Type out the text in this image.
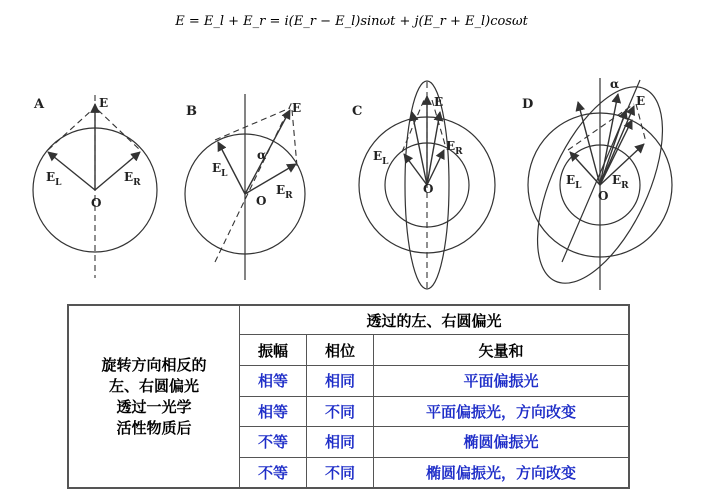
E = E_l + E_r = i(E_r − E_l)sinωt + j(E_r + E_l)cosωt
A	E
$E_L$	$E_R$
O
B
α
E
$E_L$
$E_R$
O
C
E
$E_L$
$E_R$
O
D
α
E
$E_L$	$E_R$
O
旋转方向相反的
左、右圆偏光
透过一光学
活性物质后	透过的左、右圆偏光		
	振幅	相位	矢量和
	相等	相同	平面偏振光
	相等	不同	平面偏振光，方向改变
	不等	相同	椭圆偏振光
	不等	不同	椭圆偏振光，方向改变
